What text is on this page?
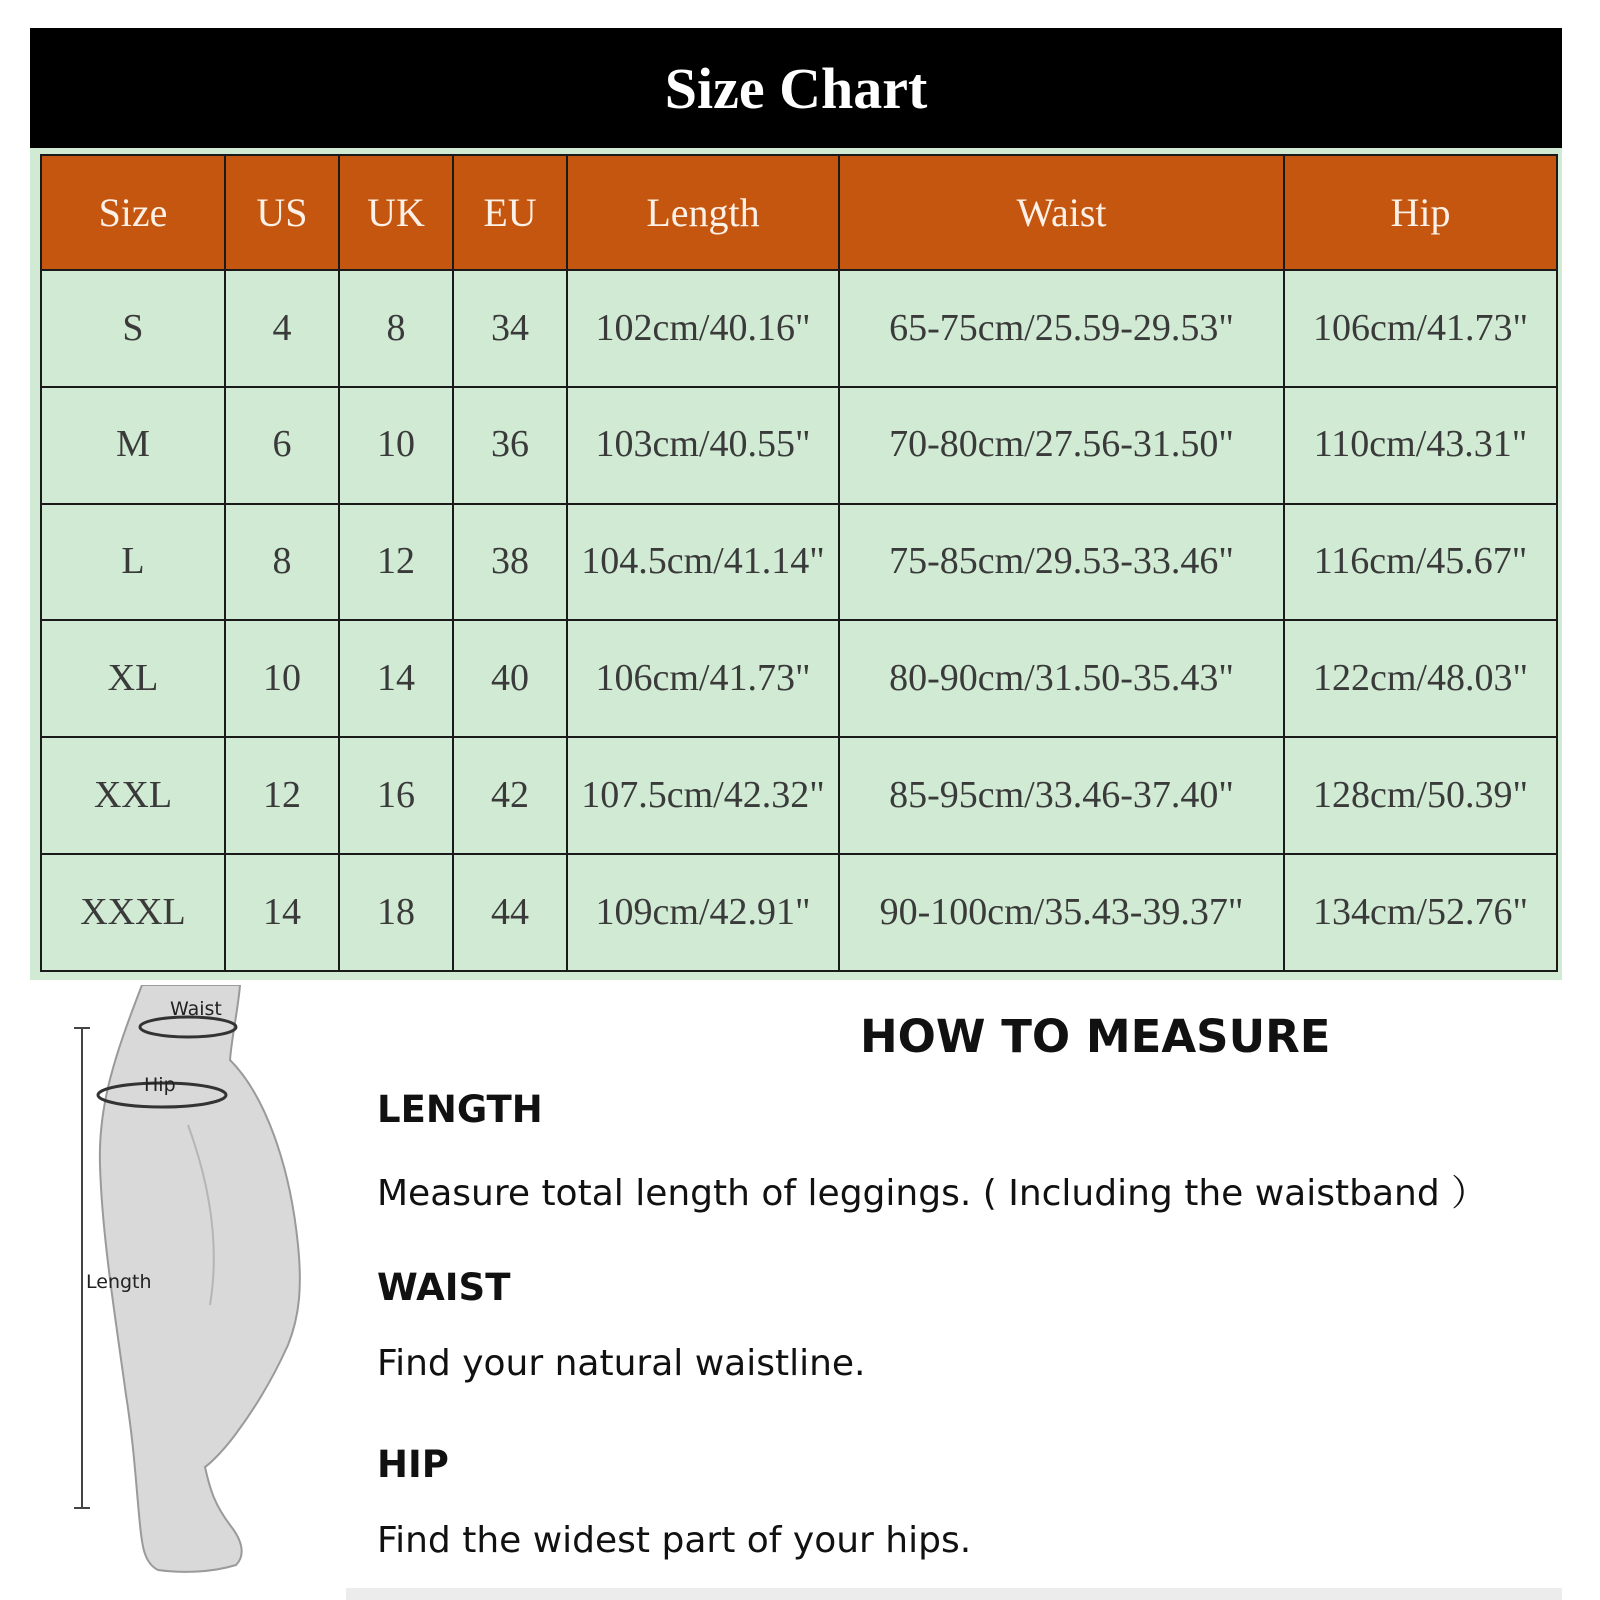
Size Chart
Size	US	UK	EU	Length	Waist	Hip
S	4	8	34	102cm/40.16"	65-75cm/25.59-29.53"	106cm/41.73"
M	6	10	36	103cm/40.55"	70-80cm/27.56-31.50"	110cm/43.31"
L	8	12	38	104.5cm/41.14"	75-85cm/29.53-33.46"	116cm/45.67"
XL	10	14	40	106cm/41.73"	80-90cm/31.50-35.43"	122cm/48.03"
XXL	12	16	42	107.5cm/42.32"	85-95cm/33.46-37.40"	128cm/50.39"
XXXL	14	18	44	109cm/42.91"	90-100cm/35.43-39.37"	134cm/52.76"
Waist
Hip
Length
HOW TO MEASURE
LENGTH
Measure total length of leggings. ( Including the waistband ）
WAIST
Find your natural waistline.
HIP
Find the widest part of your hips.
